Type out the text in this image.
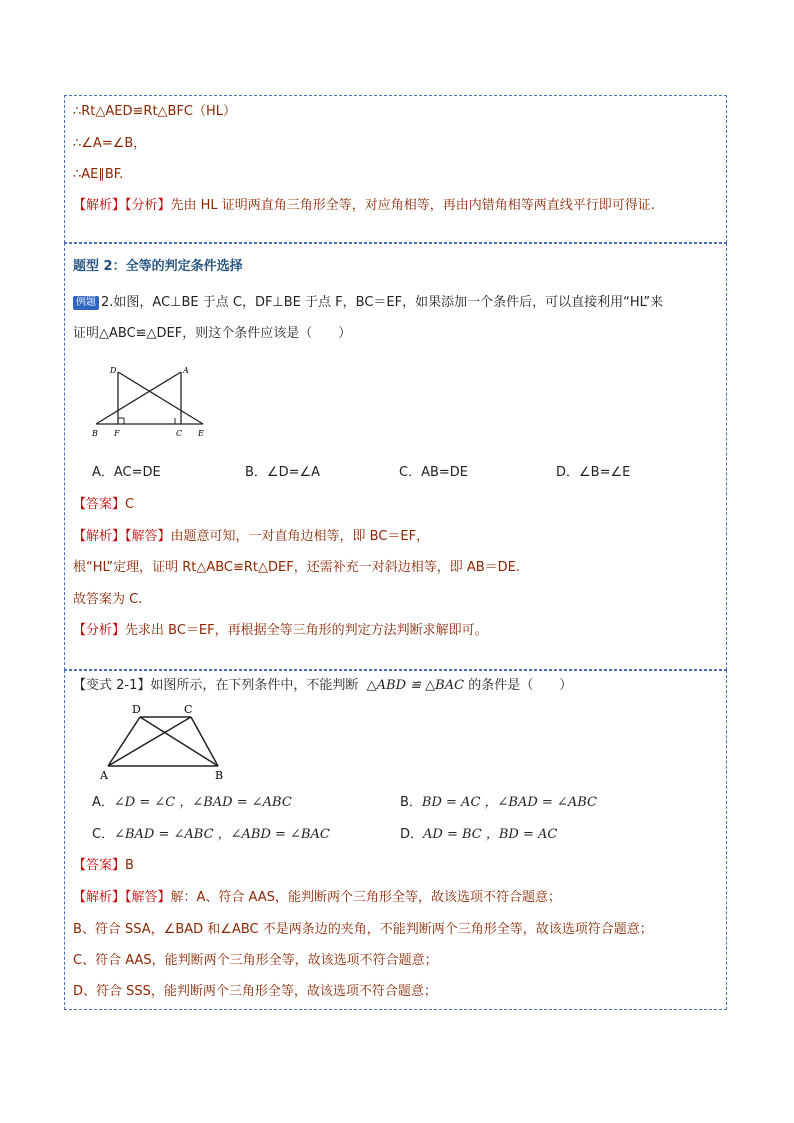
∴Rt△AED≌Rt△BFC（HL）
∴∠A=∠B，
∴AE∥BF.
【解析】【分析】先由 HL 证明两直角三角形全等，对应角相等，再由内错角相等两直线平行即可得证.
题型 2：全等的判定条件选择
例题 2.如图，AC⊥BE 于点 C，DF⊥BE 于点 F，BC＝EF，如果添加一个条件后，可以直接利用“HL”来
证明△ABC≌△DEF，则这个条件应该是（　　）
D	A
B F	C E
A．AC=DE	B．∠D=∠A	C．AB=DE	D．∠B=∠E
【答案】C
【解析】【解答】由题意可知，一对直角边相等，即 BC＝EF，
根“HL”定理，证明 Rt△ABC≌Rt△DEF，还需补充一对斜边相等，即 AB＝DE.
故答案为 C.
【分析】先求出 BC＝EF，再根据全等三角形的判定方法判断求解即可。
【变式 2-1】如图所示，在下列条件中，不能判断 △ABD ≌ △BAC 的条件是（　　）
D	C
A	B
A．∠D = ∠C ，∠BAD = ∠ABC	B．BD = AC ，∠BAD = ∠ABC
C．∠BAD = ∠ABC ，∠ABD = ∠BAC	D．AD = BC ，BD = AC
【答案】B
【解析】【解答】解：A、符合 AAS，能判断两个三角形全等，故该选项不符合题意；
B、符合 SSA，∠BAD 和∠ABC 不是两条边的夹角，不能判断两个三角形全等，故该选项符合题意；
C、符合 AAS，能判断两个三角形全等，故该选项不符合题意；
D、符合 SSS，能判断两个三角形全等，故该选项不符合题意；
